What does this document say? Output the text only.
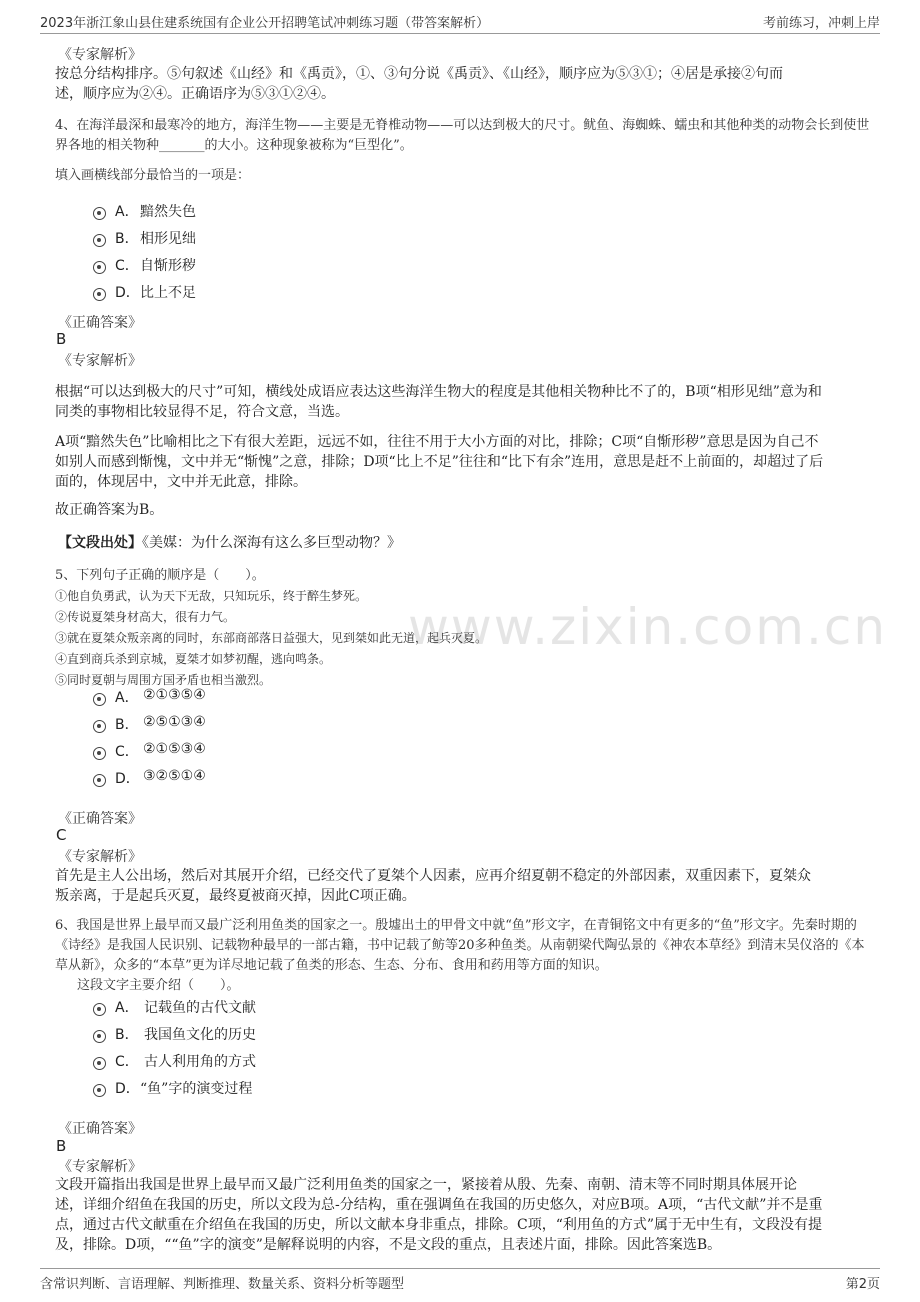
2023年浙江象山县住建系统国有企业公开招聘笔试冲刺练习题（带答案解析）	考前练习，冲刺上岸
www.zixin.com.cn
《专家解析》
按总分结构排序。⑤句叙述《山经》和《禹贡》，①、③句分说《禹贡》、《山经》，顺序应为⑤③①；④居是承接②句而
述，顺序应为②④。正确语序为⑤③①②④。
4、在海洋最深和最寒冷的地方，海洋生物——主要是无脊椎动物——可以达到极大的尺寸。鱿鱼、海蜘蛛、蠕虫和其他种类的动物会长到使世
界各地的相关物种_______的大小。这种现象被称为“巨型化”。
填入画横线部分最恰当的一项是：
A． 黯然失色
B． 相形见绌
C． 自惭形秽
D． 比上不足
《正确答案》
B
《专家解析》
根据“可以达到极大的尺寸”可知，横线处成语应表达这些海洋生物大的程度是其他相关物种比不了的，B项“相形见绌”意为和
同类的事物相比较显得不足，符合文意，当选。
A项“黯然失色”比喻相比之下有很大差距，远远不如，往往不用于大小方面的对比，排除；C项“自惭形秽”意思是因为自己不
如别人而感到惭愧，文中并无“惭愧”之意，排除；D项“比上不足”往往和“比下有余”连用，意思是赶不上前面的，却超过了后
面的，体现居中，文中并无此意，排除。
故正确答案为B。
【文段出处】《美媒：为什么深海有这么多巨型动物？》
5、下列句子正确的顺序是（　　）。
①他自负勇武，认为天下无敌，只知玩乐，终于醉生梦死。
②传说夏桀身材高大，很有力气。
③就在夏桀众叛亲离的同时，东部商部落日益强大，见到桀如此无道，起兵灭夏。
④直到商兵杀到京城，夏桀才如梦初醒，逃向鸣条。
⑤同时夏朝与周围方国矛盾也相当激烈。
A． ②①③⑤④
B． ②⑤①③④
C． ②①⑤③④
D． ③②⑤①④
《正确答案》
C
《专家解析》
首先是主人公出场，然后对其展开介绍，已经交代了夏桀个人因素，应再介绍夏朝不稳定的外部因素，双重因素下，夏桀众
叛亲离，于是起兵灭夏，最终夏被商灭掉，因此C项正确。
6、我国是世界上最早而又最广泛利用鱼类的国家之一。殷墟出土的甲骨文中就“鱼”形文字，在青铜铭文中有更多的“鱼”形文字。先秦时期的
《诗经》是我国人民识别、记载物种最早的一部古籍，书中记载了鲂等20多种鱼类。从南朝梁代陶弘景的《神农本草经》到清末吴仪洛的《本
草从新》，众多的“本草”更为详尽地记载了鱼类的形态、生态、分布、食用和药用等方面的知识。
这段文字主要介绍（　　）。
A． 记载鱼的古代文献
B． 我国鱼文化的历史
C． 古人利用角的方式
D． “鱼”字的演变过程
《正确答案》
B
《专家解析》
文段开篇指出我国是世界上最早而又最广泛利用鱼类的国家之一，紧接着从殷、先秦、南朝、清末等不同时期具体展开论
述，详细介绍鱼在我国的历史，所以文段为总-分结构，重在强调鱼在我国的历史悠久，对应B项。A项，“古代文献”并不是重
点，通过古代文献重在介绍鱼在我国的历史，所以文献本身非重点，排除。C项，“利用鱼的方式”属于无中生有，文段没有提
及，排除。D项，““鱼”字的演变”是解释说明的内容，不是文段的重点，且表述片面，排除。因此答案选B。
含常识判断、言语理解、判断推理、数量关系、资料分析等题型	第2页
